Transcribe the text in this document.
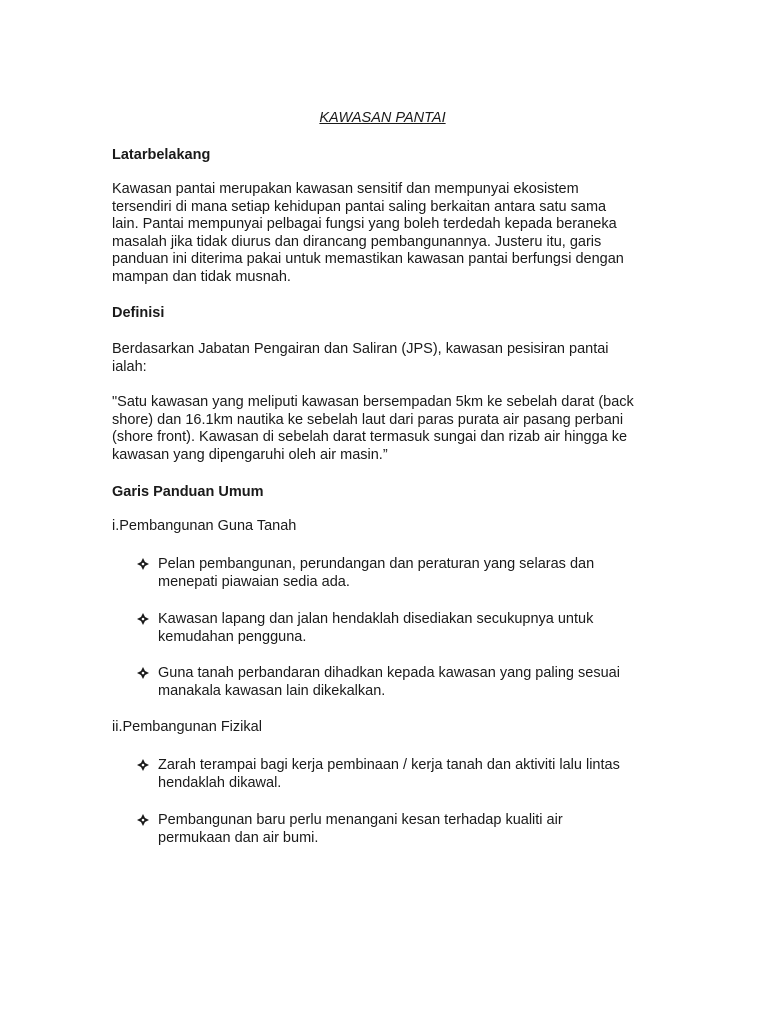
KAWASAN PANTAI
Latarbelakang
Kawasan pantai merupakan kawasan sensitif dan mempunyai ekosistem
tersendiri di mana setiap kehidupan pantai saling berkaitan antara satu sama
lain. Pantai mempunyai pelbagai fungsi yang boleh terdedah kepada beraneka
masalah jika tidak diurus dan dirancang pembangunannya. Justeru itu, garis
panduan ini diterima pakai untuk memastikan kawasan pantai berfungsi dengan
mampan dan tidak musnah.
Definisi
Berdasarkan Jabatan Pengairan dan Saliran (JPS), kawasan pesisiran pantai
ialah:
"Satu kawasan yang meliputi kawasan bersempadan 5km ke sebelah darat (back
shore) dan 16.1km nautika ke sebelah laut dari paras purata air pasang perbani
(shore front). Kawasan di sebelah darat termasuk sungai dan rizab air hingga ke
kawasan yang dipengaruhi oleh air masin.”
Garis Panduan Umum
i.Pembangunan Guna Tanah
Pelan pembangunan, perundangan dan peraturan yang selaras dan
menepati piawaian sedia ada.
Kawasan lapang dan jalan hendaklah disediakan secukupnya untuk
kemudahan pengguna.
Guna tanah perbandaran dihadkan kepada kawasan yang paling sesuai
manakala kawasan lain dikekalkan.
ii.Pembangunan Fizikal
Zarah terampai bagi kerja pembinaan / kerja tanah dan aktiviti lalu lintas
hendaklah dikawal.
Pembangunan baru perlu menangani kesan terhadap kualiti air
permukaan dan air bumi.
